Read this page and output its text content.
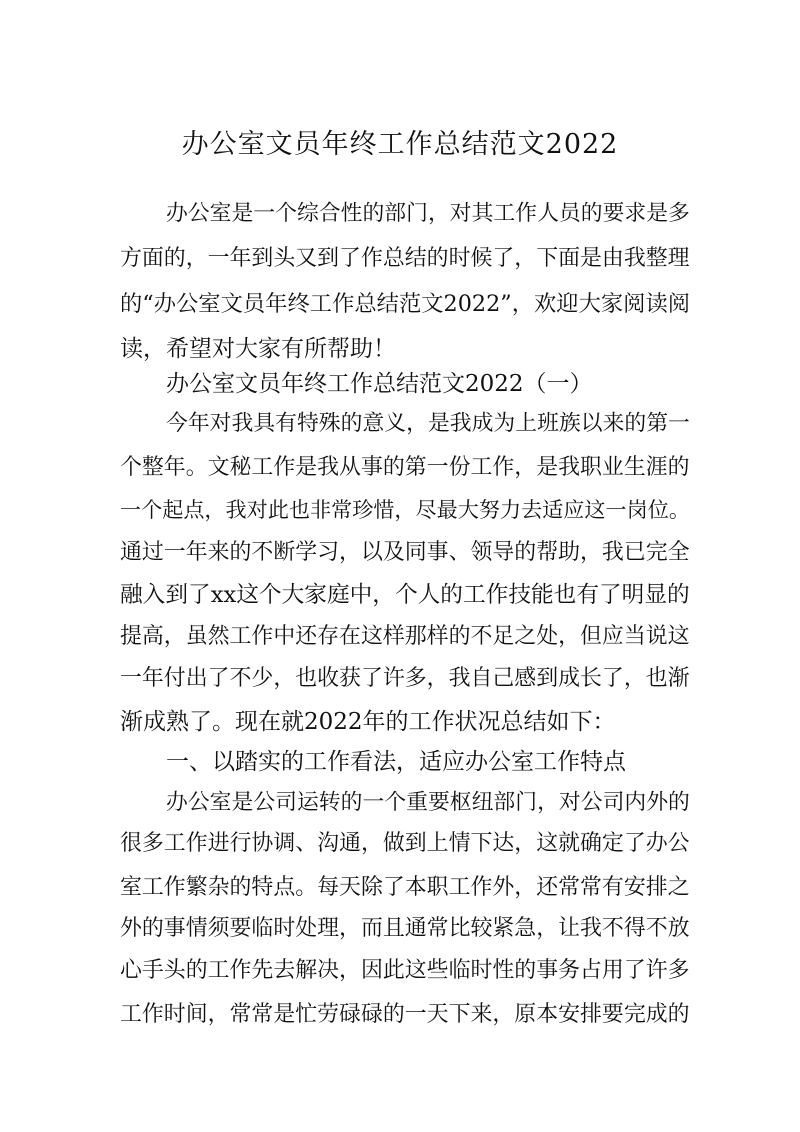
办公室文员年终工作总结范文2022
办公室是一个综合性的部门，对其工作人员的要求是多
方面的，一年到头又到了作总结的时候了，下面是由我整理
的“办公室文员年终工作总结范文2022”，欢迎大家阅读阅
读，希望对大家有所帮助！
办公室文员年终工作总结范文2022（一）
今年对我具有特殊的意义，是我成为上班族以来的第一
个整年。文秘工作是我从事的第一份工作，是我职业生涯的
一个起点，我对此也非常珍惜，尽最大努力去适应这一岗位。
通过一年来的不断学习，以及同事、领导的帮助，我已完全
融入到了xx这个大家庭中，个人的工作技能也有了明显的
提高，虽然工作中还存在这样那样的不足之处，但应当说这
一年付出了不少，也收获了许多，我自己感到成长了，也渐
渐成熟了。现在就2022年的工作状况总结如下：
一、以踏实的工作看法，适应办公室工作特点
办公室是公司运转的一个重要枢纽部门，对公司内外的
很多工作进行协调、沟通，做到上情下达，这就确定了办公
室工作繁杂的特点。每天除了本职工作外，还常常有安排之
外的事情须要临时处理，而且通常比较紧急，让我不得不放
心手头的工作先去解决，因此这些临时性的事务占用了许多
工作时间，常常是忙劳碌碌的一天下来，原本安排要完成的
